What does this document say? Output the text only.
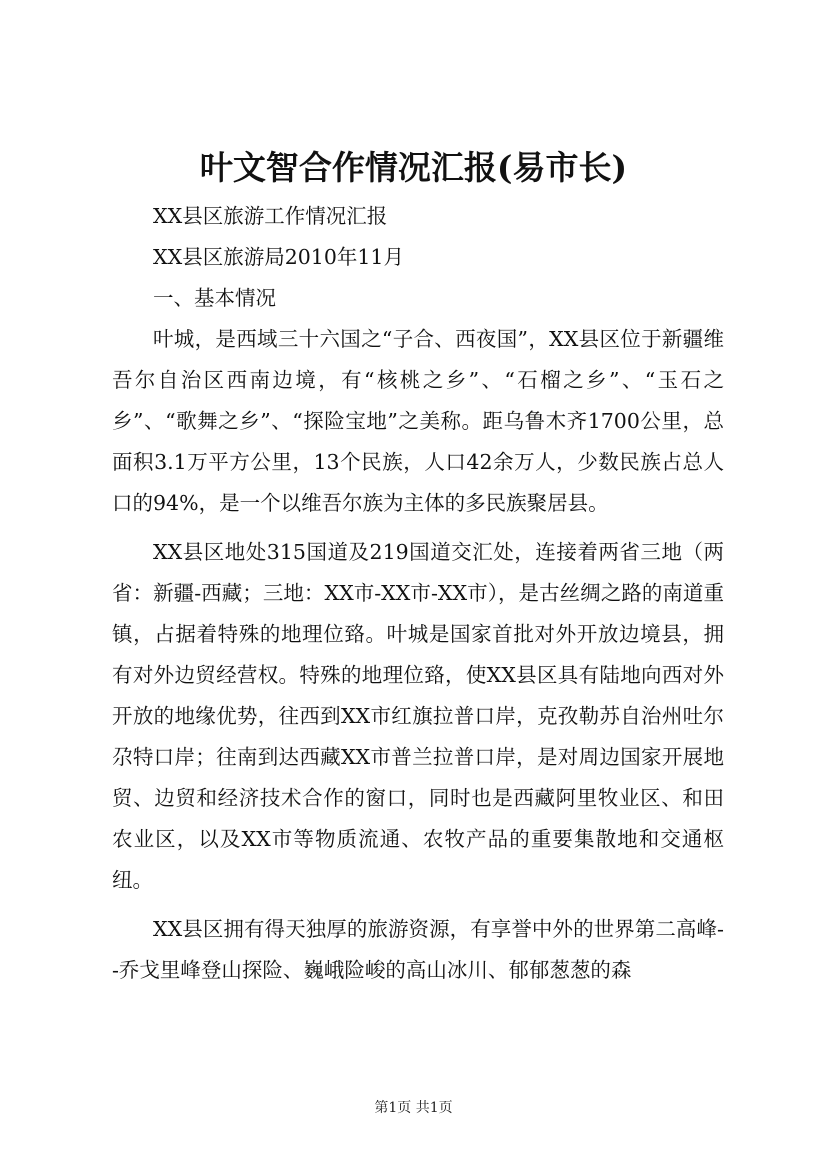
叶文智合作情况汇报(易市长)

XX县区旅游工作情况汇报

XX县区旅游局2010年11月

一、基本情况

叶城，是西域三十六国之“子合、西夜国”，XX县区位于新疆维吾尔自治区西南边境，有“核桃之乡”、“石榴之乡”、“玉石之乡”、“歌舞之乡”、“探险宝地”之美称。距乌鲁木齐1700公里，总面积3.1万平方公里，13个民族，人口42余万人，少数民族占总人口的94%，是一个以维吾尔族为主体的多民族聚居县。

XX县区地处315国道及219国道交汇处，连接着两省三地（两省：新疆-西藏；三地：XX市-XX市-XX市），是古丝绸之路的南道重镇，占据着特殊的地理位臵。叶城是国家首批对外开放边境县，拥有对外边贸经营权。特殊的地理位臵，使XX县区具有陆地向西对外开放的地缘优势，往西到XX市红旗拉普口岸，克孜勒苏自治州吐尔尕特口岸；往南到达西藏XX市普兰拉普口岸，是对周边国家开展地贸、边贸和经济技术合作的窗口，同时也是西藏阿里牧业区、和田农业区，以及XX市等物质流通、农牧产品的重要集散地和交通枢纽。

XX县区拥有得天独厚的旅游资源，有享誉中外的世界第二高峰--乔戈里峰登山探险、巍峨险峻的高山冰川、郁郁葱葱的森

第1页 共1页
